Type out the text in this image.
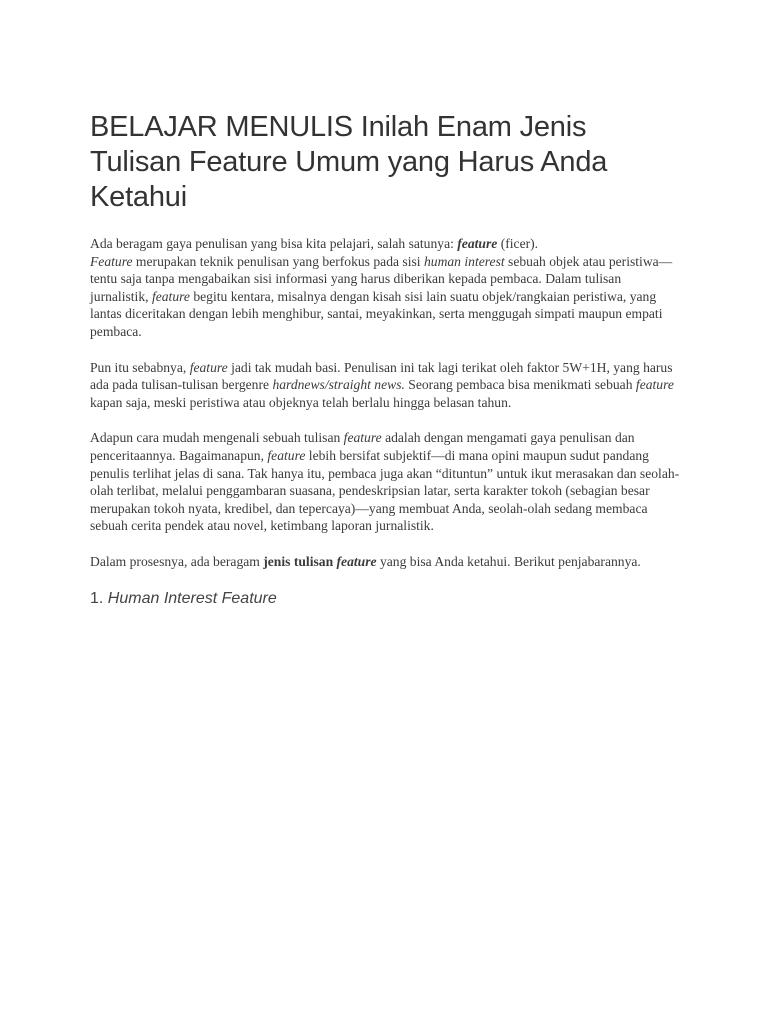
BELAJAR MENULIS Inilah Enam Jenis Tulisan Feature Umum yang Harus Anda Ketahui

Ada beragam gaya penulisan yang bisa kita pelajari, salah satunya: feature (ficer).
Feature merupakan teknik penulisan yang berfokus pada sisi human interest sebuah objek atau peristiwa—tentu saja tanpa mengabaikan sisi informasi yang harus diberikan kepada pembaca. Dalam tulisan jurnalistik, feature begitu kentara, misalnya dengan kisah sisi lain suatu objek/rangkaian peristiwa, yang lantas diceritakan dengan lebih menghibur, santai, meyakinkan, serta menggugah simpati maupun empati pembaca.

Pun itu sebabnya, feature jadi tak mudah basi. Penulisan ini tak lagi terikat oleh faktor 5W+1H, yang harus ada pada tulisan-tulisan bergenre hardnews/straight news. Seorang pembaca bisa menikmati sebuah feature kapan saja, meski peristiwa atau objeknya telah berlalu hingga belasan tahun.

Adapun cara mudah mengenali sebuah tulisan feature adalah dengan mengamati gaya penulisan dan penceritaannya. Bagaimanapun, feature lebih bersifat subjektif—di mana opini maupun sudut pandang penulis terlihat jelas di sana. Tak hanya itu, pembaca juga akan “dituntun” untuk ikut merasakan dan seolah-olah terlibat, melalui penggambaran suasana, pendeskripsian latar, serta karakter tokoh (sebagian besar merupakan tokoh nyata, kredibel, dan tepercaya)—yang membuat Anda, seolah-olah sedang membaca sebuah cerita pendek atau novel, ketimbang laporan jurnalistik.

Dalam prosesnya, ada beragam jenis tulisan feature yang bisa Anda ketahui. Berikut penjabarannya.

1. Human Interest Feature
